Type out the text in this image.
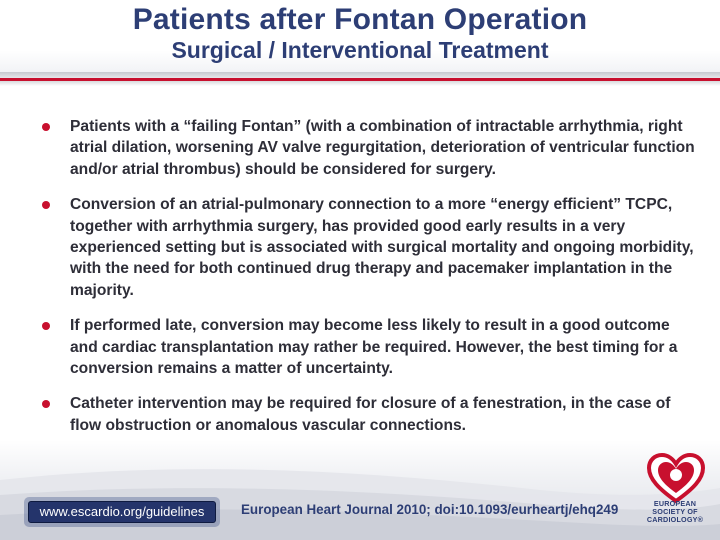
Patients after Fontan Operation
Surgical / Interventional Treatment
Patients with a “failing Fontan” (with a combination of intractable arrhythmia, right atrial dilation, worsening AV valve regurgitation, deterioration of ventricular function and/or atrial thrombus) should be considered for surgery.
Conversion of an atrial-pulmonary connection to a more “energy efficient” TCPC, together with arrhythmia surgery, has provided good early results in a very experienced setting but is associated with surgical mortality and ongoing morbidity, with the need for both continued drug therapy and pacemaker implantation in the majority.
If performed late, conversion may become less likely to result in a good outcome and cardiac transplantation may rather be required. However, the best timing for a conversion remains a matter of uncertainty.
Catheter intervention may be required for closure of a fenestration, in the case of flow obstruction or anomalous vascular connections.
www.escardio.org/guidelines	European Heart Journal 2010; doi:10.1093/eurheartj/ehq249	EUROPEAN
SOCIETY OF
CARDIOLOGY®
